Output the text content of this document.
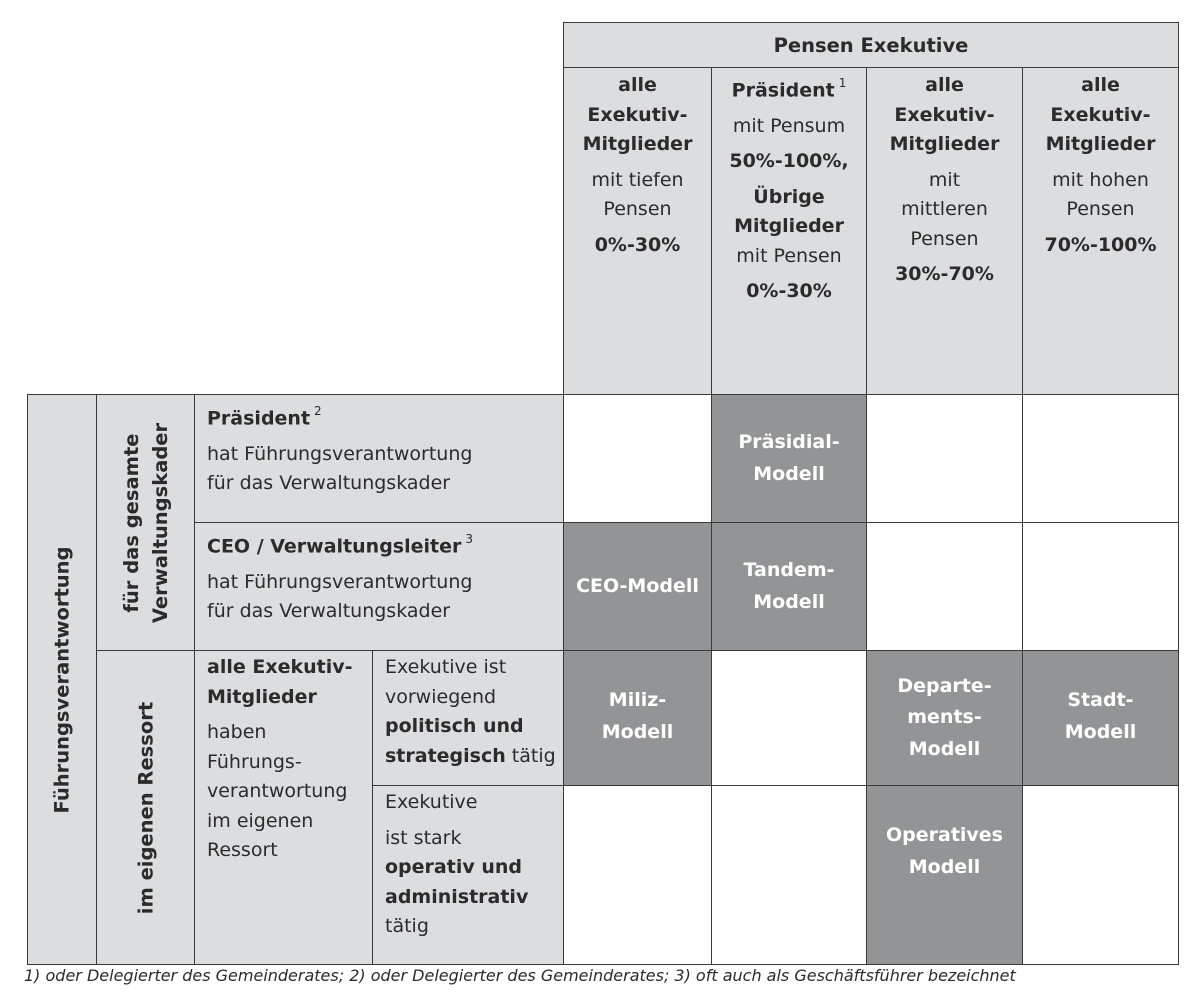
Pensen Exekutive
alle
Exekutiv-
Mitglieder
mit tiefen
Pensen
0%-30%
Präsident $^1$
mit Pensum
50%-100%,
Übrige
Mitglieder
mit Pensen
0%-30%
alle
Exekutiv-
Mitglieder
mit
mittleren
Pensen
30%-70%
alle
Exekutiv-
Mitglieder
mit hohen
Pensen
70%-100%
Führungsverantwortung
für das gesamte Verwaltungskader
im eigenen Ressort
Präsident $^2$
hat Führungsverantwortung
für das Verwaltungskader
CEO / Verwaltungsleiter $^3$
hat Führungsverantwortung
für das Verwaltungskader
alle Exekutiv-
Mitglieder
haben
Führungs-
verantwortung
im eigenen
Ressort
Exekutive ist
vorwiegend
politisch und
strategisch tätig
Exekutive
ist stark
operativ und
administrativ
tätig
Präsidial-
Modell
CEO-Modell
Tandem-
Modell
Miliz-
Modell
Departe-
ments-
Modell
Stadt-
Modell
Operatives
Modell
1) oder Delegierter des Gemeinderates; 2) oder Delegierter des Gemeinderates; 3) oft auch als Geschäftsführer bezeichnet
